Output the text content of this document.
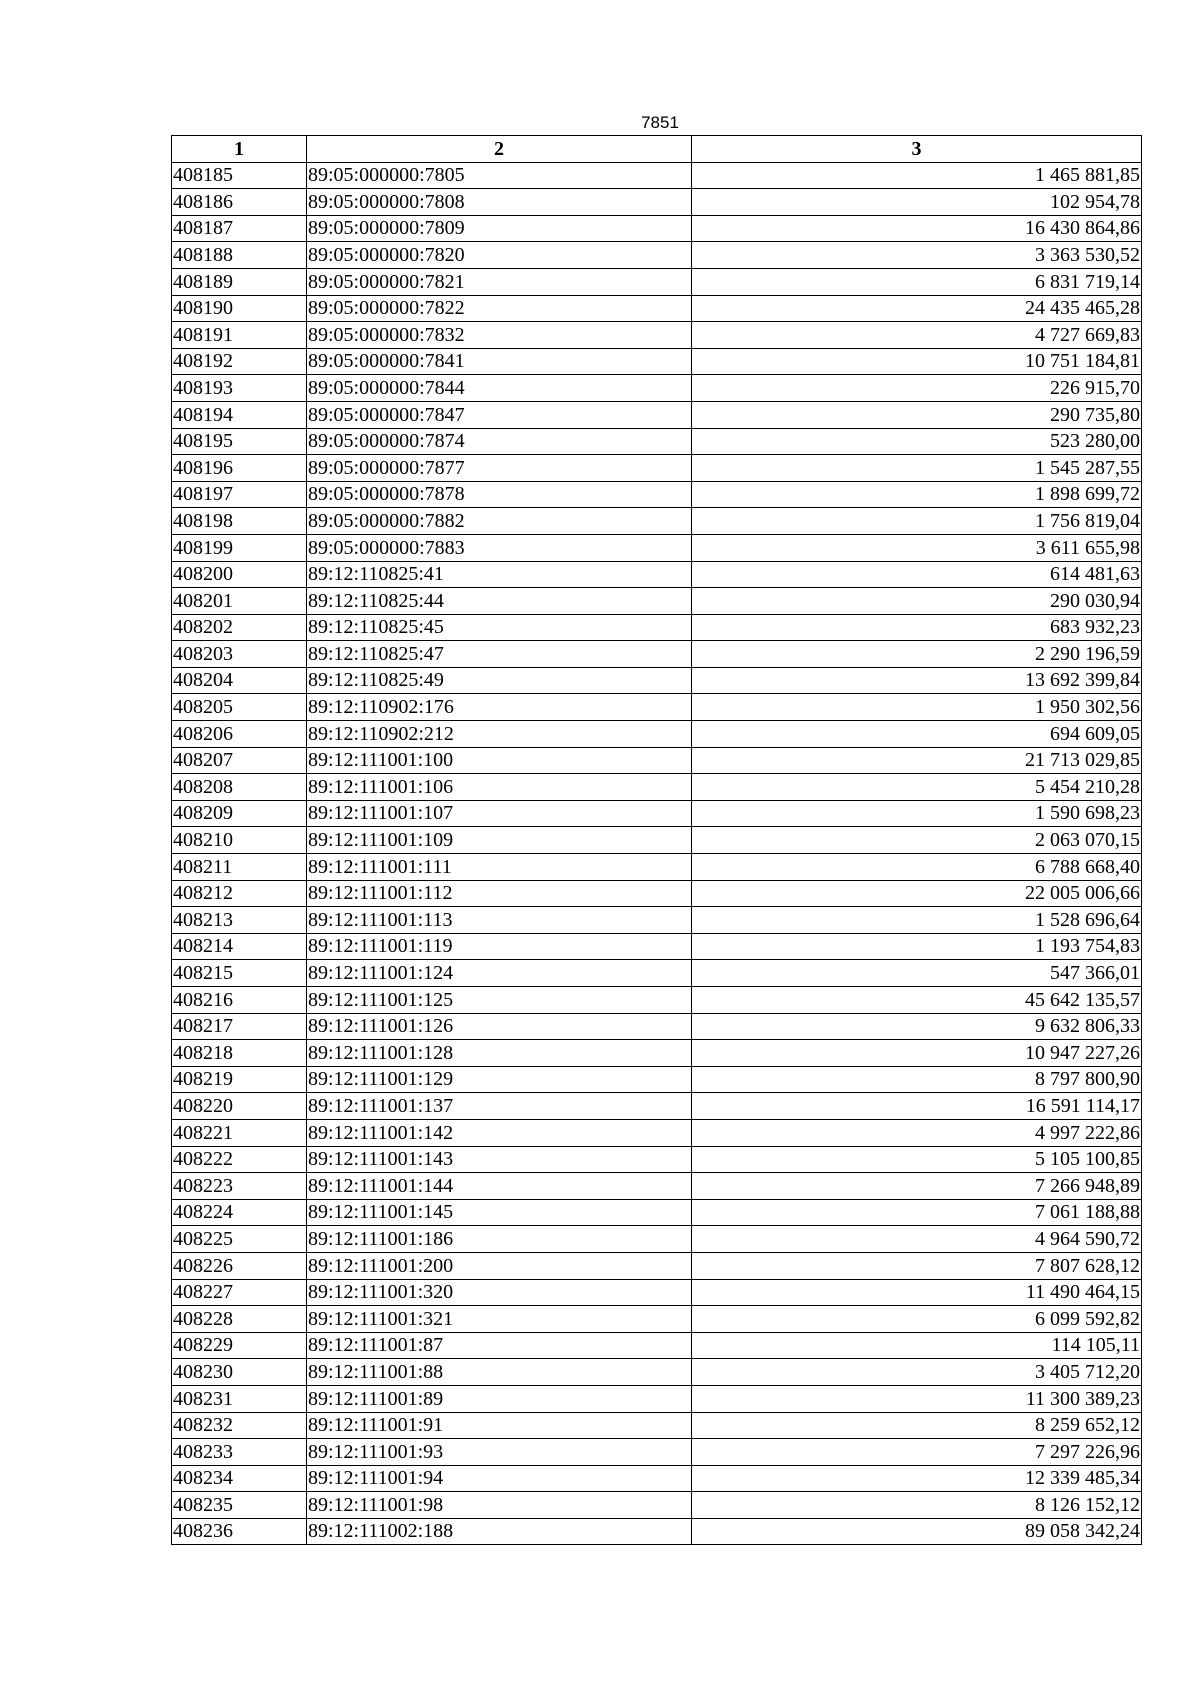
7851
1	2	3
408185	89:05:000000:7805	1 465 881,85
408186	89:05:000000:7808	102 954,78
408187	89:05:000000:7809	16 430 864,86
408188	89:05:000000:7820	3 363 530,52
408189	89:05:000000:7821	6 831 719,14
408190	89:05:000000:7822	24 435 465,28
408191	89:05:000000:7832	4 727 669,83
408192	89:05:000000:7841	10 751 184,81
408193	89:05:000000:7844	226 915,70
408194	89:05:000000:7847	290 735,80
408195	89:05:000000:7874	523 280,00
408196	89:05:000000:7877	1 545 287,55
408197	89:05:000000:7878	1 898 699,72
408198	89:05:000000:7882	1 756 819,04
408199	89:05:000000:7883	3 611 655,98
408200	89:12:110825:41	614 481,63
408201	89:12:110825:44	290 030,94
408202	89:12:110825:45	683 932,23
408203	89:12:110825:47	2 290 196,59
408204	89:12:110825:49	13 692 399,84
408205	89:12:110902:176	1 950 302,56
408206	89:12:110902:212	694 609,05
408207	89:12:111001:100	21 713 029,85
408208	89:12:111001:106	5 454 210,28
408209	89:12:111001:107	1 590 698,23
408210	89:12:111001:109	2 063 070,15
408211	89:12:111001:111	6 788 668,40
408212	89:12:111001:112	22 005 006,66
408213	89:12:111001:113	1 528 696,64
408214	89:12:111001:119	1 193 754,83
408215	89:12:111001:124	547 366,01
408216	89:12:111001:125	45 642 135,57
408217	89:12:111001:126	9 632 806,33
408218	89:12:111001:128	10 947 227,26
408219	89:12:111001:129	8 797 800,90
408220	89:12:111001:137	16 591 114,17
408221	89:12:111001:142	4 997 222,86
408222	89:12:111001:143	5 105 100,85
408223	89:12:111001:144	7 266 948,89
408224	89:12:111001:145	7 061 188,88
408225	89:12:111001:186	4 964 590,72
408226	89:12:111001:200	7 807 628,12
408227	89:12:111001:320	11 490 464,15
408228	89:12:111001:321	6 099 592,82
408229	89:12:111001:87	114 105,11
408230	89:12:111001:88	3 405 712,20
408231	89:12:111001:89	11 300 389,23
408232	89:12:111001:91	8 259 652,12
408233	89:12:111001:93	7 297 226,96
408234	89:12:111001:94	12 339 485,34
408235	89:12:111001:98	8 126 152,12
408236	89:12:111002:188	89 058 342,24
